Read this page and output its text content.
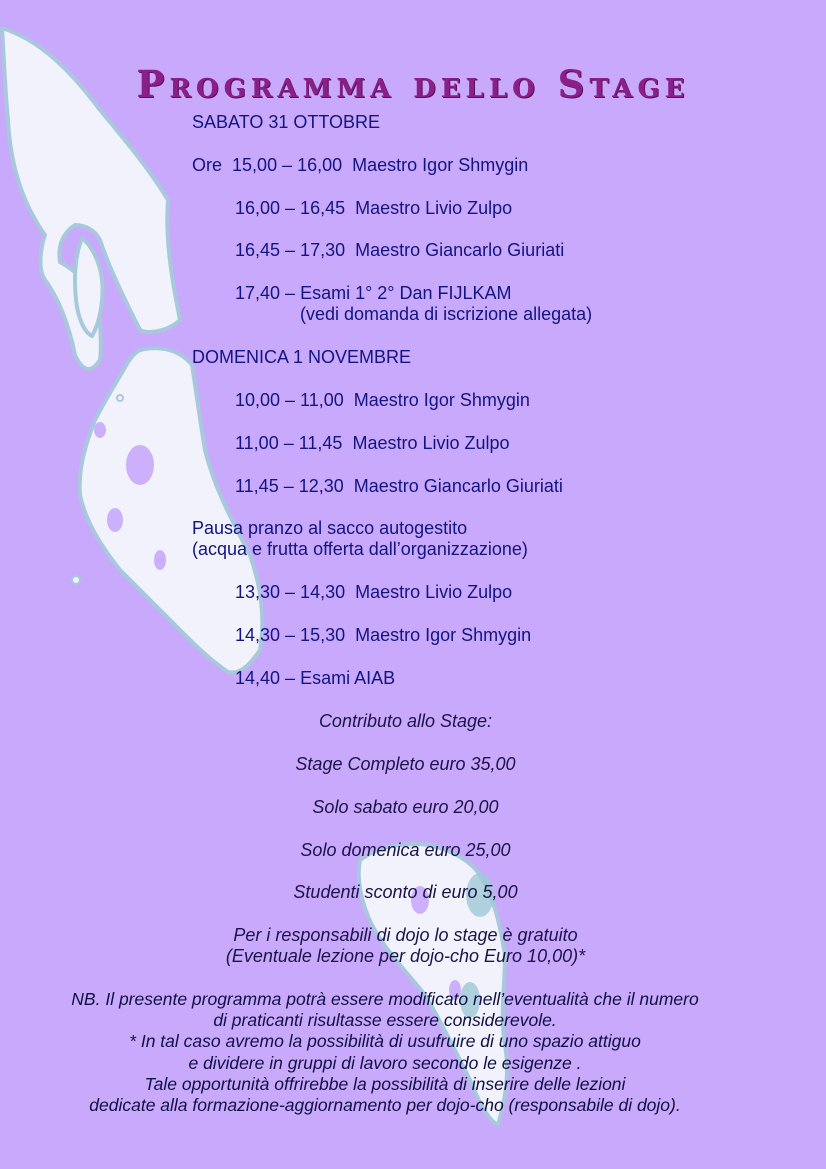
Programma dello Stage
SABATO 31 OTTOBRE
Ore 15,00 – 16,00 Maestro Igor Shmygin
16,00 – 16,45 Maestro Livio Zulpo
16,45 – 17,30 Maestro Giancarlo Giuriati
17,40 – Esami 1° 2° Dan FIJLKAM
(vedi domanda di iscrizione allegata)
DOMENICA 1 NOVEMBRE
10,00 – 11,00 Maestro Igor Shmygin
11,00 – 11,45 Maestro Livio Zulpo
11,45 – 12,30 Maestro Giancarlo Giuriati
Pausa pranzo al sacco autogestito
(acqua e frutta offerta dall’organizzazione)
13,30 – 14,30 Maestro Livio Zulpo
14,30 – 15,30 Maestro Igor Shmygin
14,40 – Esami AIAB
Contributo allo Stage:
Stage Completo euro 35,00
Solo sabato euro 20,00
Solo domenica euro 25,00
Studenti sconto di euro 5,00
Per i responsabili di dojo lo stage è gratuito
(Eventuale lezione per dojo-cho Euro 10,00)*
NB. Il presente programma potrà essere modificato nell’eventualità che il numero
di praticanti risultasse essere considerevole.
* In tal caso avremo la possibilità di usufruire di uno spazio attiguo
e dividere in gruppi di lavoro secondo le esigenze .
Tale opportunità offrirebbe la possibilità di inserire delle lezioni
dedicate alla formazione-aggiornamento per dojo-cho (responsabile di dojo).
